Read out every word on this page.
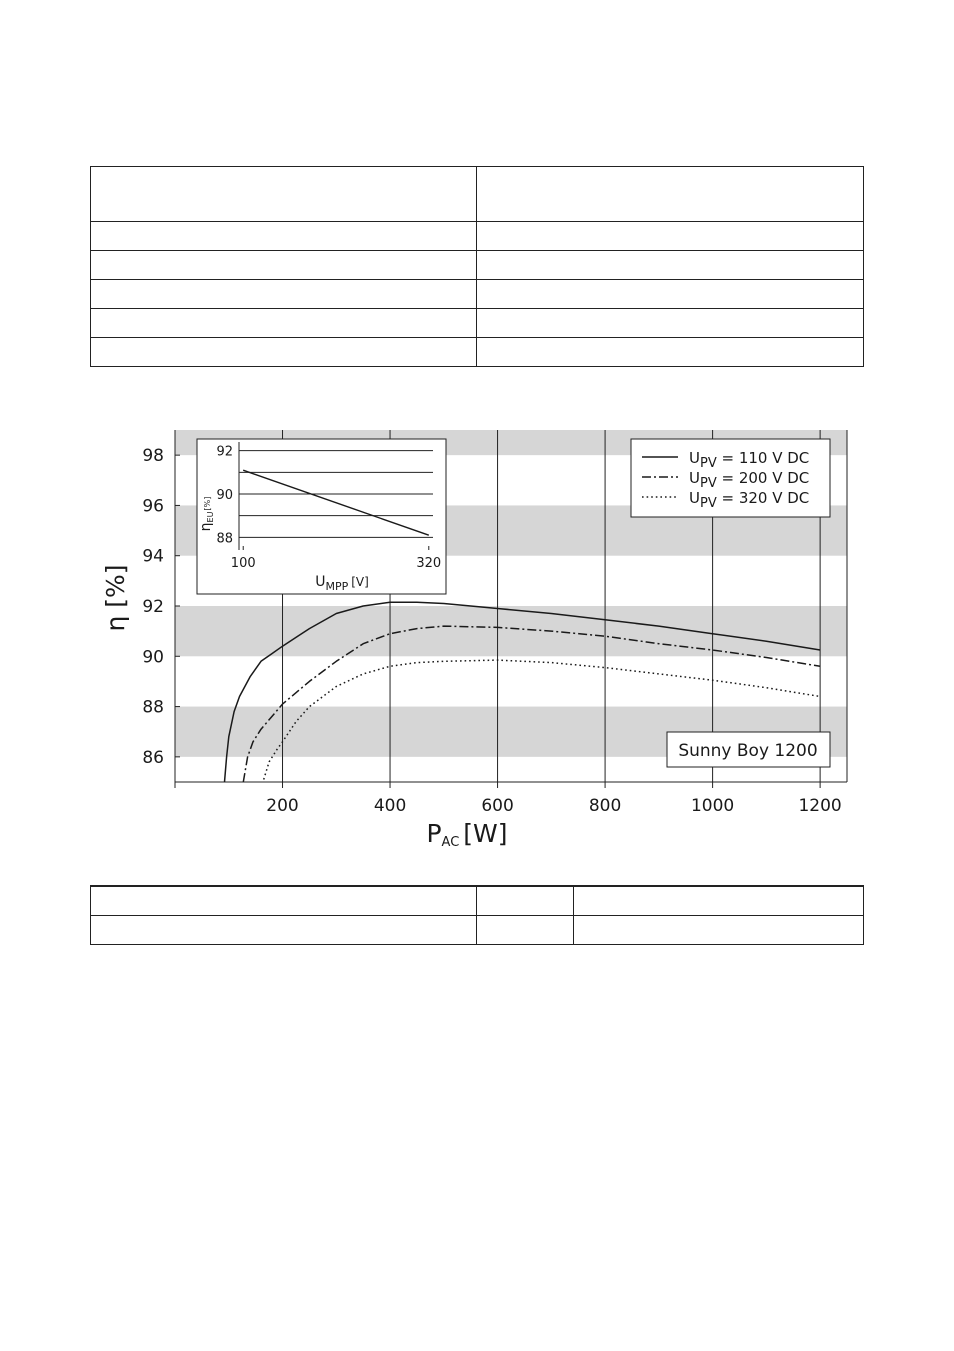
86
88
90
92
94
96
98
200	400	600	800	1000	1200
η [%]
PAC [W]
88
90
92
100	320
$\eta_{EU}[\%]$
$U_{MPP}$ [V]
UPV = 110 V DC
UPV = 200 V DC
UPV = 320 V DC
Sunny Boy 1200
